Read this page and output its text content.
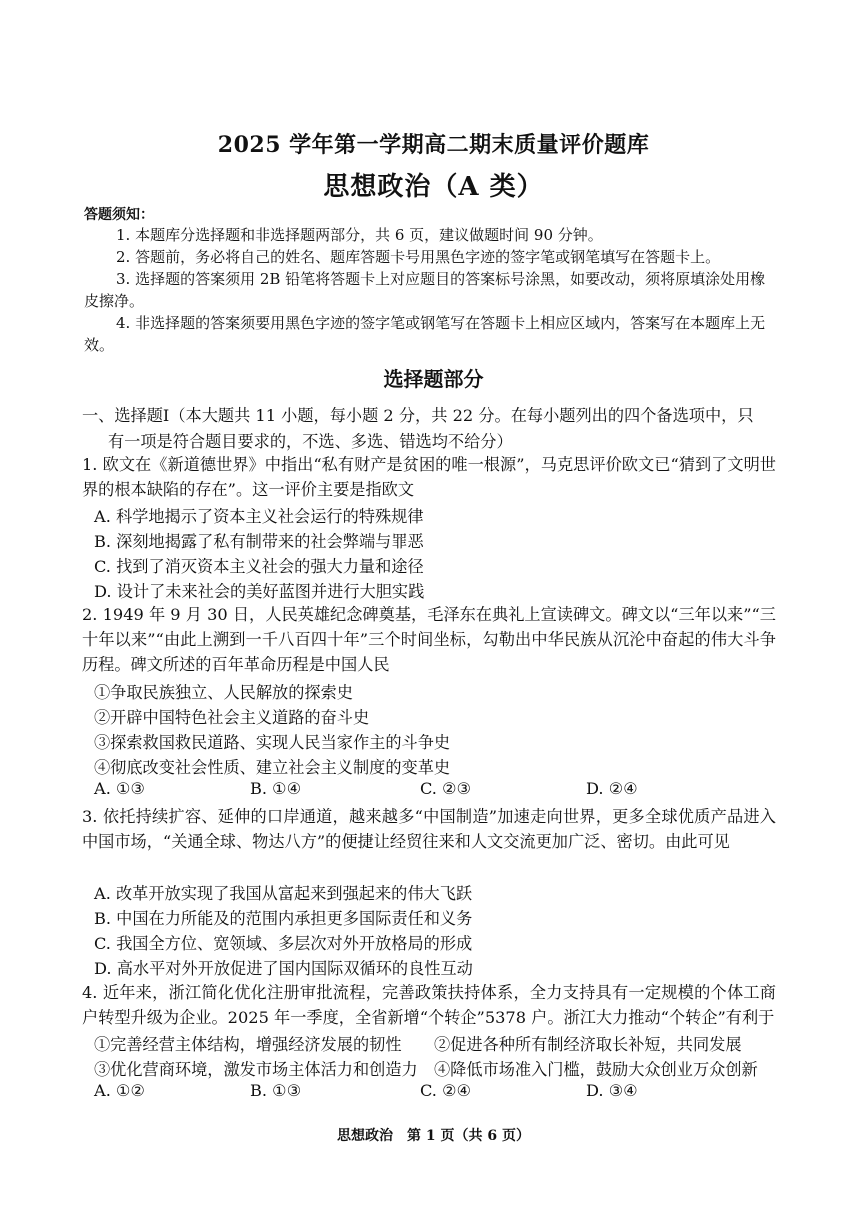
2025 学年第一学期高二期末质量评价题库
思想政治（A 类）
答题须知：

1. 本题库分选择题和非选择题两部分，共 6 页，建议做题时间 90 分钟。

2. 答题前，务必将自己的姓名、题库答题卡号用黑色字迹的签字笔或钢笔填写在答题卡上。

3. 选择题的答案须用 2B 铅笔将答题卡上对应题目的答案标号涂黑，如要改动，须将原填涂处用橡皮擦净。

4. 非选择题的答案须要用黑色字迹的签字笔或钢笔写在答题卡上相应区域内，答案写在本题库上无效。

选择题部分
一、选择题Ⅰ（本大题共 11 小题，每小题 2 分，共 22 分。在每小题列出的四个备选项中，只
有一项是符合题目要求的，不选、多选、错选均不给分）
1. 欧文在《新道德世界》中指出“私有财产是贫困的唯一根源”，马克思评价欧文已“猜到了文明世界的根本缺陷的存在”。这一评价主要是指欧文
A. 科学地揭示了资本主义社会运行的特殊规律
B. 深刻地揭露了私有制带来的社会弊端与罪恶
C. 找到了消灭资本主义社会的强大力量和途径
D. 设计了未来社会的美好蓝图并进行大胆实践
2. 1949 年 9 月 30 日，人民英雄纪念碑奠基，毛泽东在典礼上宣读碑文。碑文以“三年以来”“三十年以来”“由此上溯到一千八百四十年”三个时间坐标，勾勒出中华民族从沉沦中奋起的伟大斗争历程。碑文所述的百年革命历程是中国人民
①争取民族独立、人民解放的探索史
②开辟中国特色社会主义道路的奋斗史
③探索救国救民道路、实现人民当家作主的斗争史
④彻底改变社会性质、建立社会主义制度的变革史
A. ①③	B. ①④	C. ②③	D. ②④
3. 依托持续扩容、延伸的口岸通道，越来越多“中国制造”加速走向世界，更多全球优质产品进入中国市场，“关通全球、物达八方”的便捷让经贸往来和人文交流更加广泛、密切。由此可见
A. 改革开放实现了我国从富起来到强起来的伟大飞跃
B. 中国在力所能及的范围内承担更多国际责任和义务
C. 我国全方位、宽领域、多层次对外开放格局的形成
D. 高水平对外开放促进了国内国际双循环的良性互动
4. 近年来，浙江简化优化注册审批流程，完善政策扶持体系，全力支持具有一定规模的个体工商户转型升级为企业。2025 年一季度，全省新增“个转企”5378 户。浙江大力推动“个转企”有利于
①完善经营主体结构，增强经济发展的韧性 ②促进各种所有制经济取长补短，共同发展
③优化营商环境，激发市场主体活力和创造力 ④降低市场准入门槛，鼓励大众创业万众创新
A. ①②	B. ①③	C. ②④	D. ③④
思想政治　第 1 页（共 6 页）
